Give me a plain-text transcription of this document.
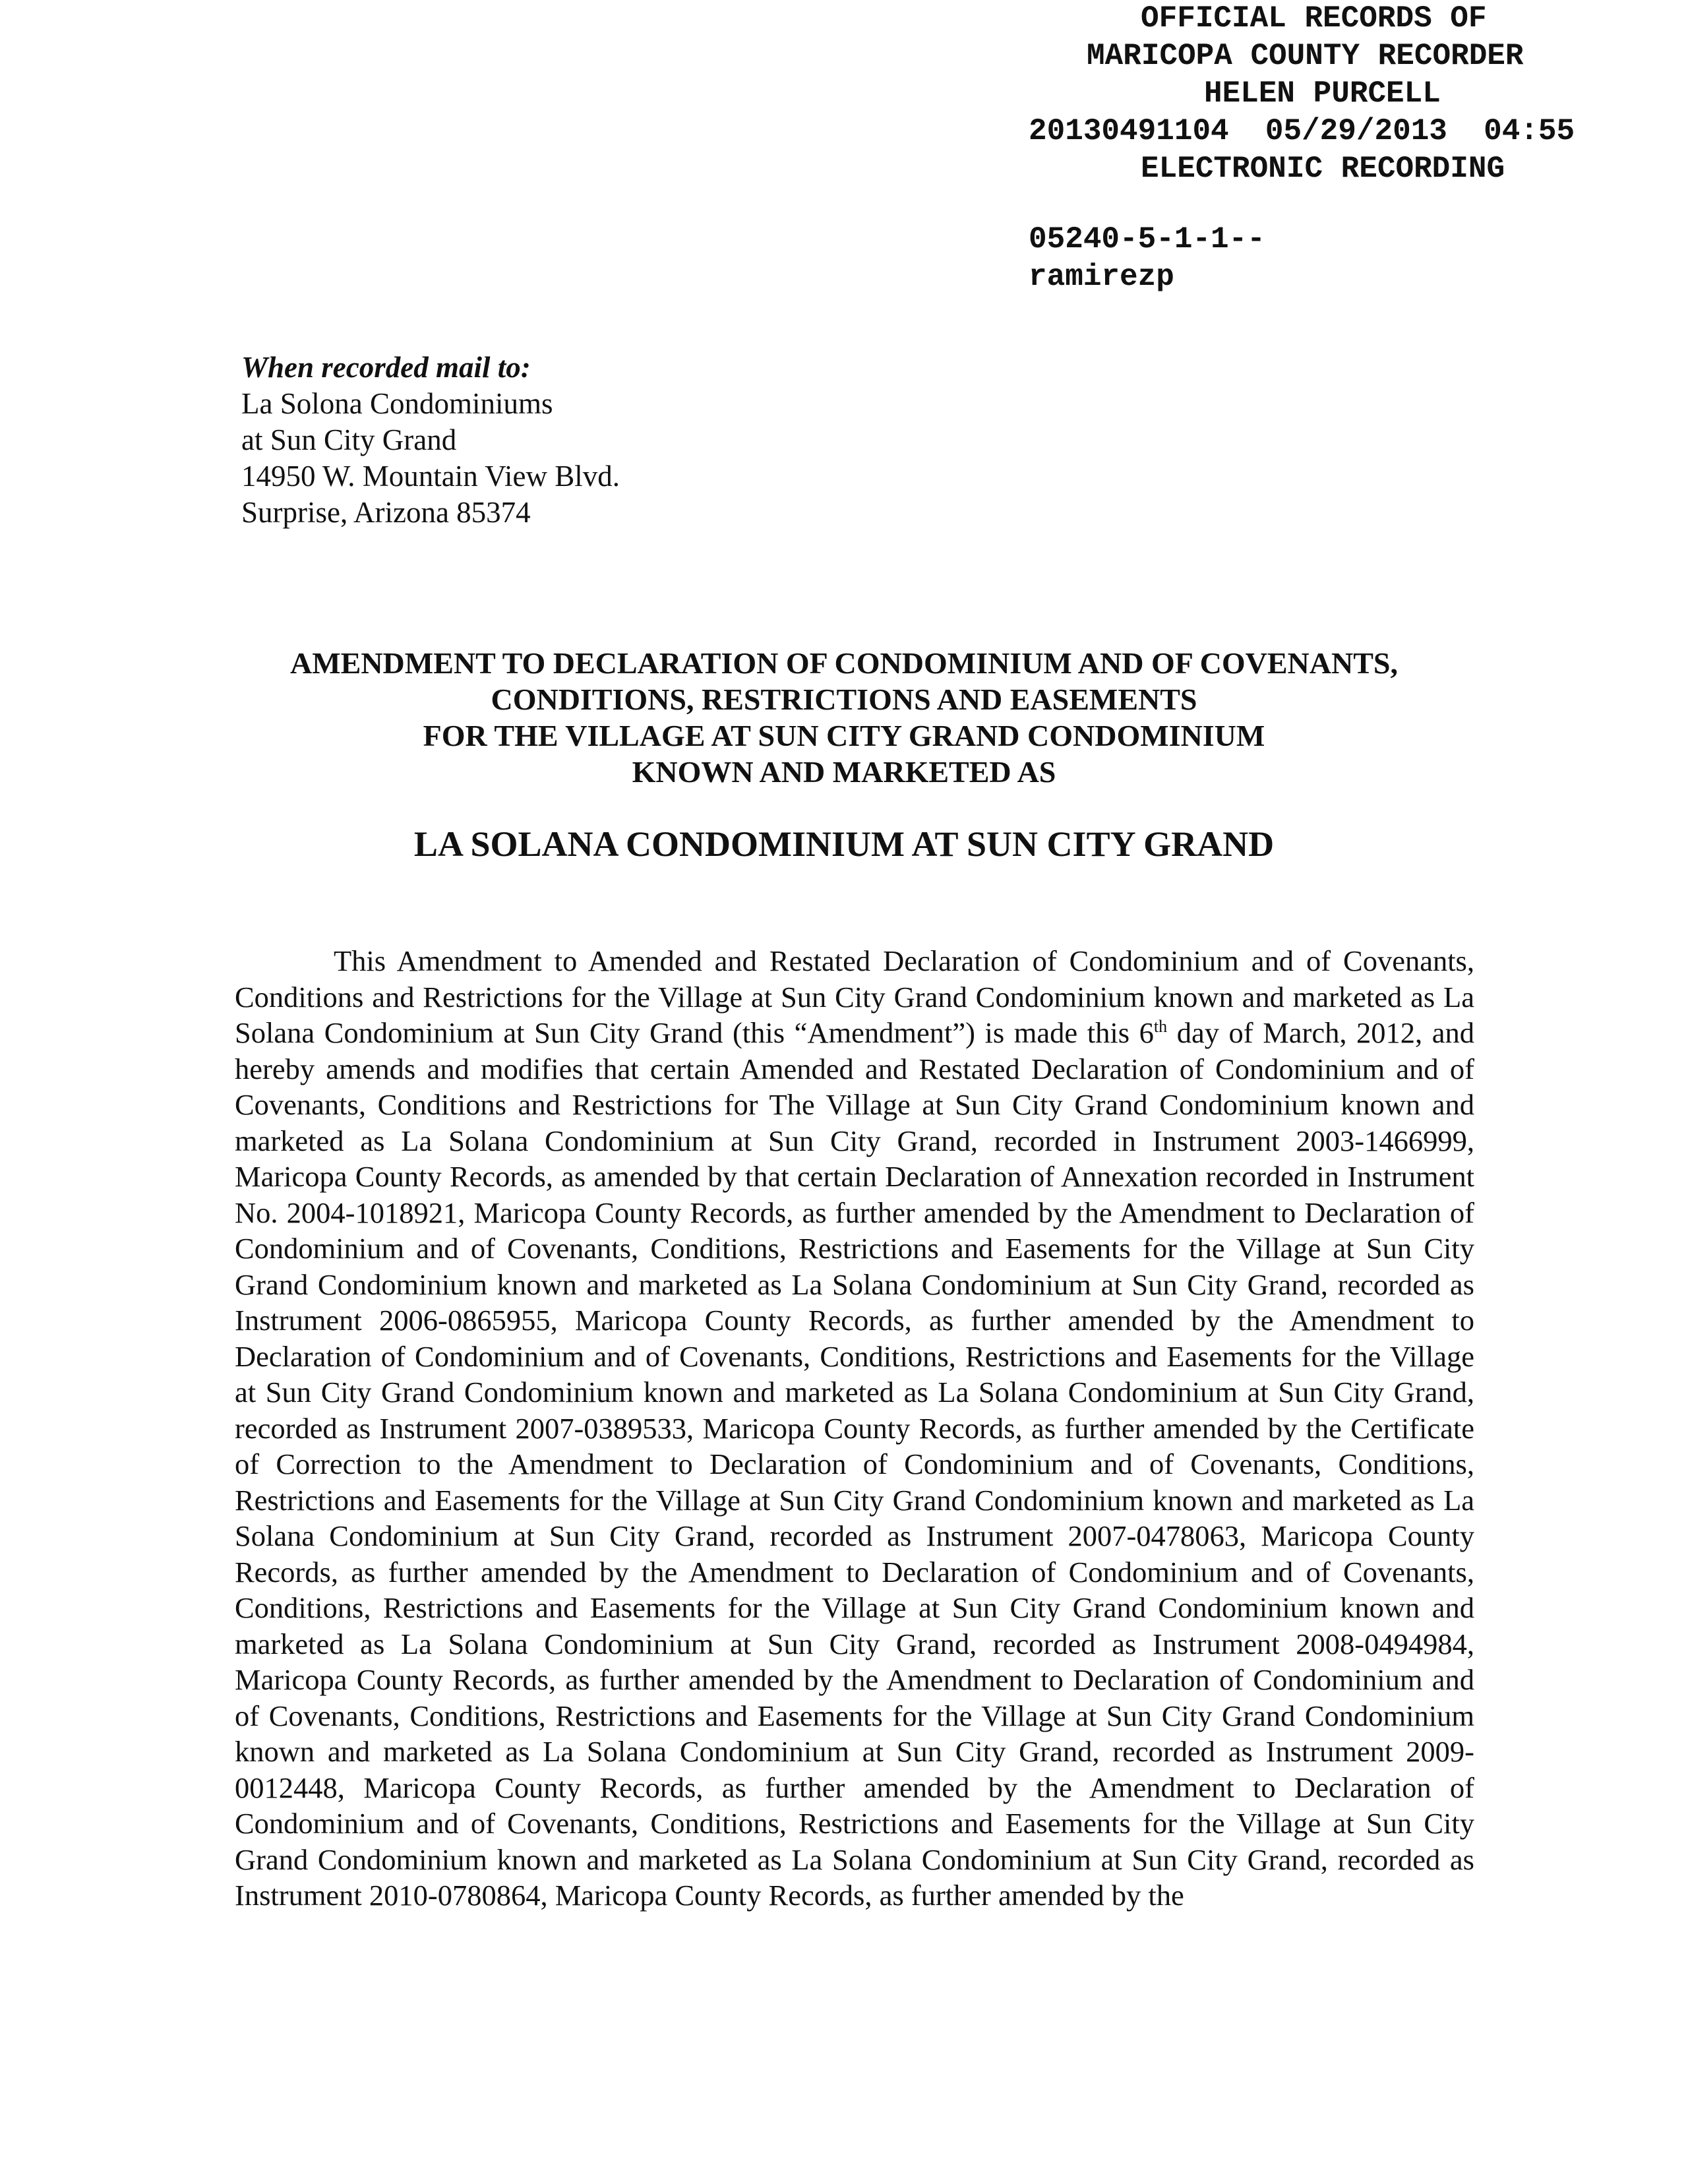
OFFICIAL RECORDS OF
MARICOPA COUNTY RECORDER
HELEN PURCELL
20130491104  05/29/2013  04:55
ELECTRONIC RECORDING
05240-5-1-1--
ramirezp
When recorded mail to:
La Solona Condominiums
at Sun City Grand
14950 W. Mountain View Blvd.
Surprise, Arizona 85374
AMENDMENT TO DECLARATION OF CONDOMINIUM AND OF COVENANTS,
CONDITIONS, RESTRICTIONS AND EASEMENTS
FOR THE VILLAGE AT SUN CITY GRAND CONDOMINIUM
KNOWN AND MARKETED AS
LA SOLANA CONDOMINIUM AT SUN CITY GRAND
This Amendment to Amended and Restated Declaration of Condominium and of Covenants, Conditions and Restrictions for the Village at Sun City Grand Condominium known and marketed as La Solana Condominium at Sun City Grand (this “Amendment”) is made this 6th day of March, 2012, and hereby amends and modifies that certain Amended and Restated Declaration of Condominium and of Covenants, Conditions and Restrictions for The Village at Sun City Grand Condominium known and marketed as La Solana Condominium at Sun City Grand, recorded in Instrument 2003-1466999, Maricopa County Records, as amended by that certain Declaration of Annexation recorded in Instrument No. 2004-1018921, Maricopa County Records, as further amended by the Amendment to Declaration of Condominium and of Covenants, Conditions, Restrictions and Easements for the Village at Sun City Grand Condominium known and marketed as La Solana Condominium at Sun City Grand, recorded as Instrument 2006-0865955, Maricopa County Records, as further amended by the Amendment to Declaration of Condominium and of Covenants, Conditions, Restrictions and Easements for the Village at Sun City Grand Condominium known and marketed as La Solana Condominium at Sun City Grand, recorded as Instrument 2007-0389533, Maricopa County Records, as further amended by the Certificate of Correction to the Amendment to Declaration of Condominium and of Covenants, Conditions, Restrictions and Easements for the Village at Sun City Grand Condominium known and marketed as La Solana Condominium at Sun City Grand, recorded as Instrument 2007-0478063, Maricopa County Records, as further amended by the Amendment to Declaration of Condominium and of Covenants, Conditions, Restrictions and Easements for the Village at Sun City Grand Condominium known and marketed as La Solana Condominium at Sun City Grand, recorded as Instrument 2008-0494984, Maricopa County Records, as further amended by the Amendment to Declaration of Condominium and of Covenants, Conditions, Restrictions and Easements for the Village at Sun City Grand Condominium known and marketed as La Solana Condominium at Sun City Grand, recorded as Instrument 2009-0012448, Maricopa County Records, as further amended by the Amendment to Declaration of Condominium and of Covenants, Conditions, Restrictions and Easements for the Village at Sun City Grand Condominium known and marketed as La Solana Condominium at Sun City Grand, recorded as Instrument 2010-0780864, Maricopa County Records, as further amended by the
